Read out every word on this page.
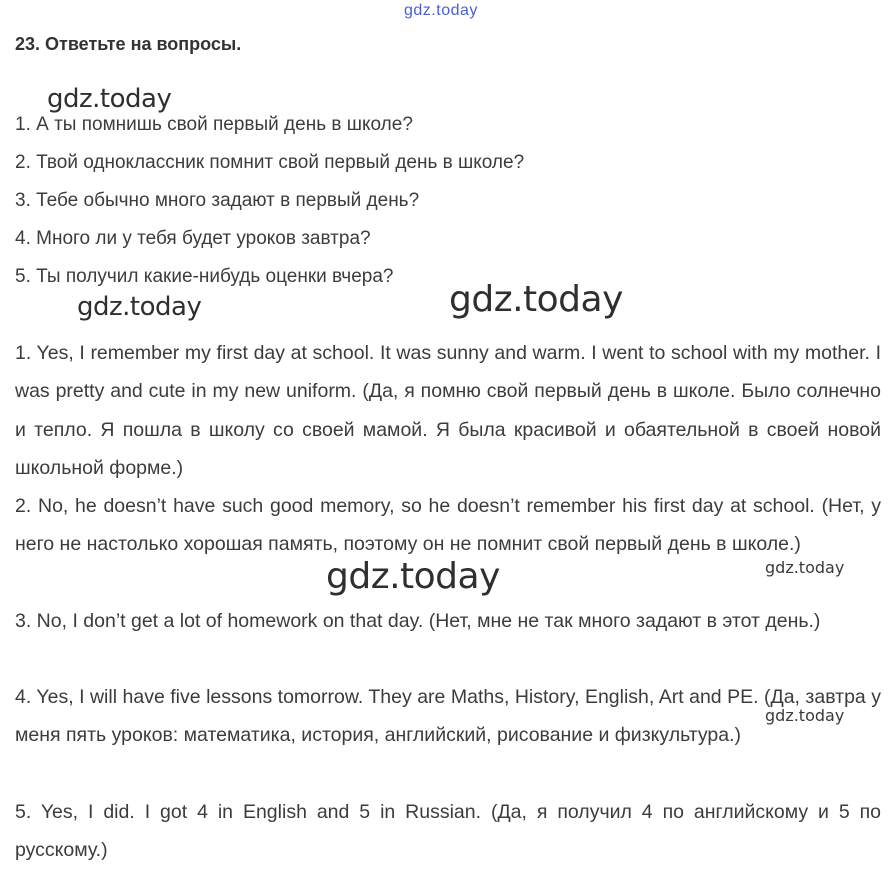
gdz.today
23. Ответьте на вопросы.
gdz.today
1. А ты помнишь свой первый день в школе?
2. Твой одноклассник помнит свой первый день в школе?
3. Тебе обычно много задают в первый день?
4. Много ли у тебя будет уроков завтра?
5. Ты получил какие-нибудь оценки вчера?
gdz.today	gdz.today
1. Yes, I remember my first day at school. It was sunny and warm. I went to school with my mother. I was pretty and cute in my new uniform. (Да, я помню свой первый день в школе. Было солнечно и тепло. Я пошла в школу со своей мамой. Я была красивой и обаятельной в своей новой школьной форме.)
2. No, he doesn’t have such good memory, so he doesn’t remember his first day at school. (Нет, у него не настолько хорошая память, поэтому он не помнит свой первый день в школе.)
3. No, I don’t get a lot of homework on that day. (Нет, мне не так много задают в этот день.)
4. Yes, I will have five lessons tomorrow. They are Maths, History, English, Art and PE. (Да, завтра у меня пять уроков: математика, история, английский, рисование и физкультура.)
5. Yes, I did. I got 4 in English and 5 in Russian. (Да, я получил 4 по английскому и 5 по русскому.)
gdz.today	gdz.today
gdz.today
